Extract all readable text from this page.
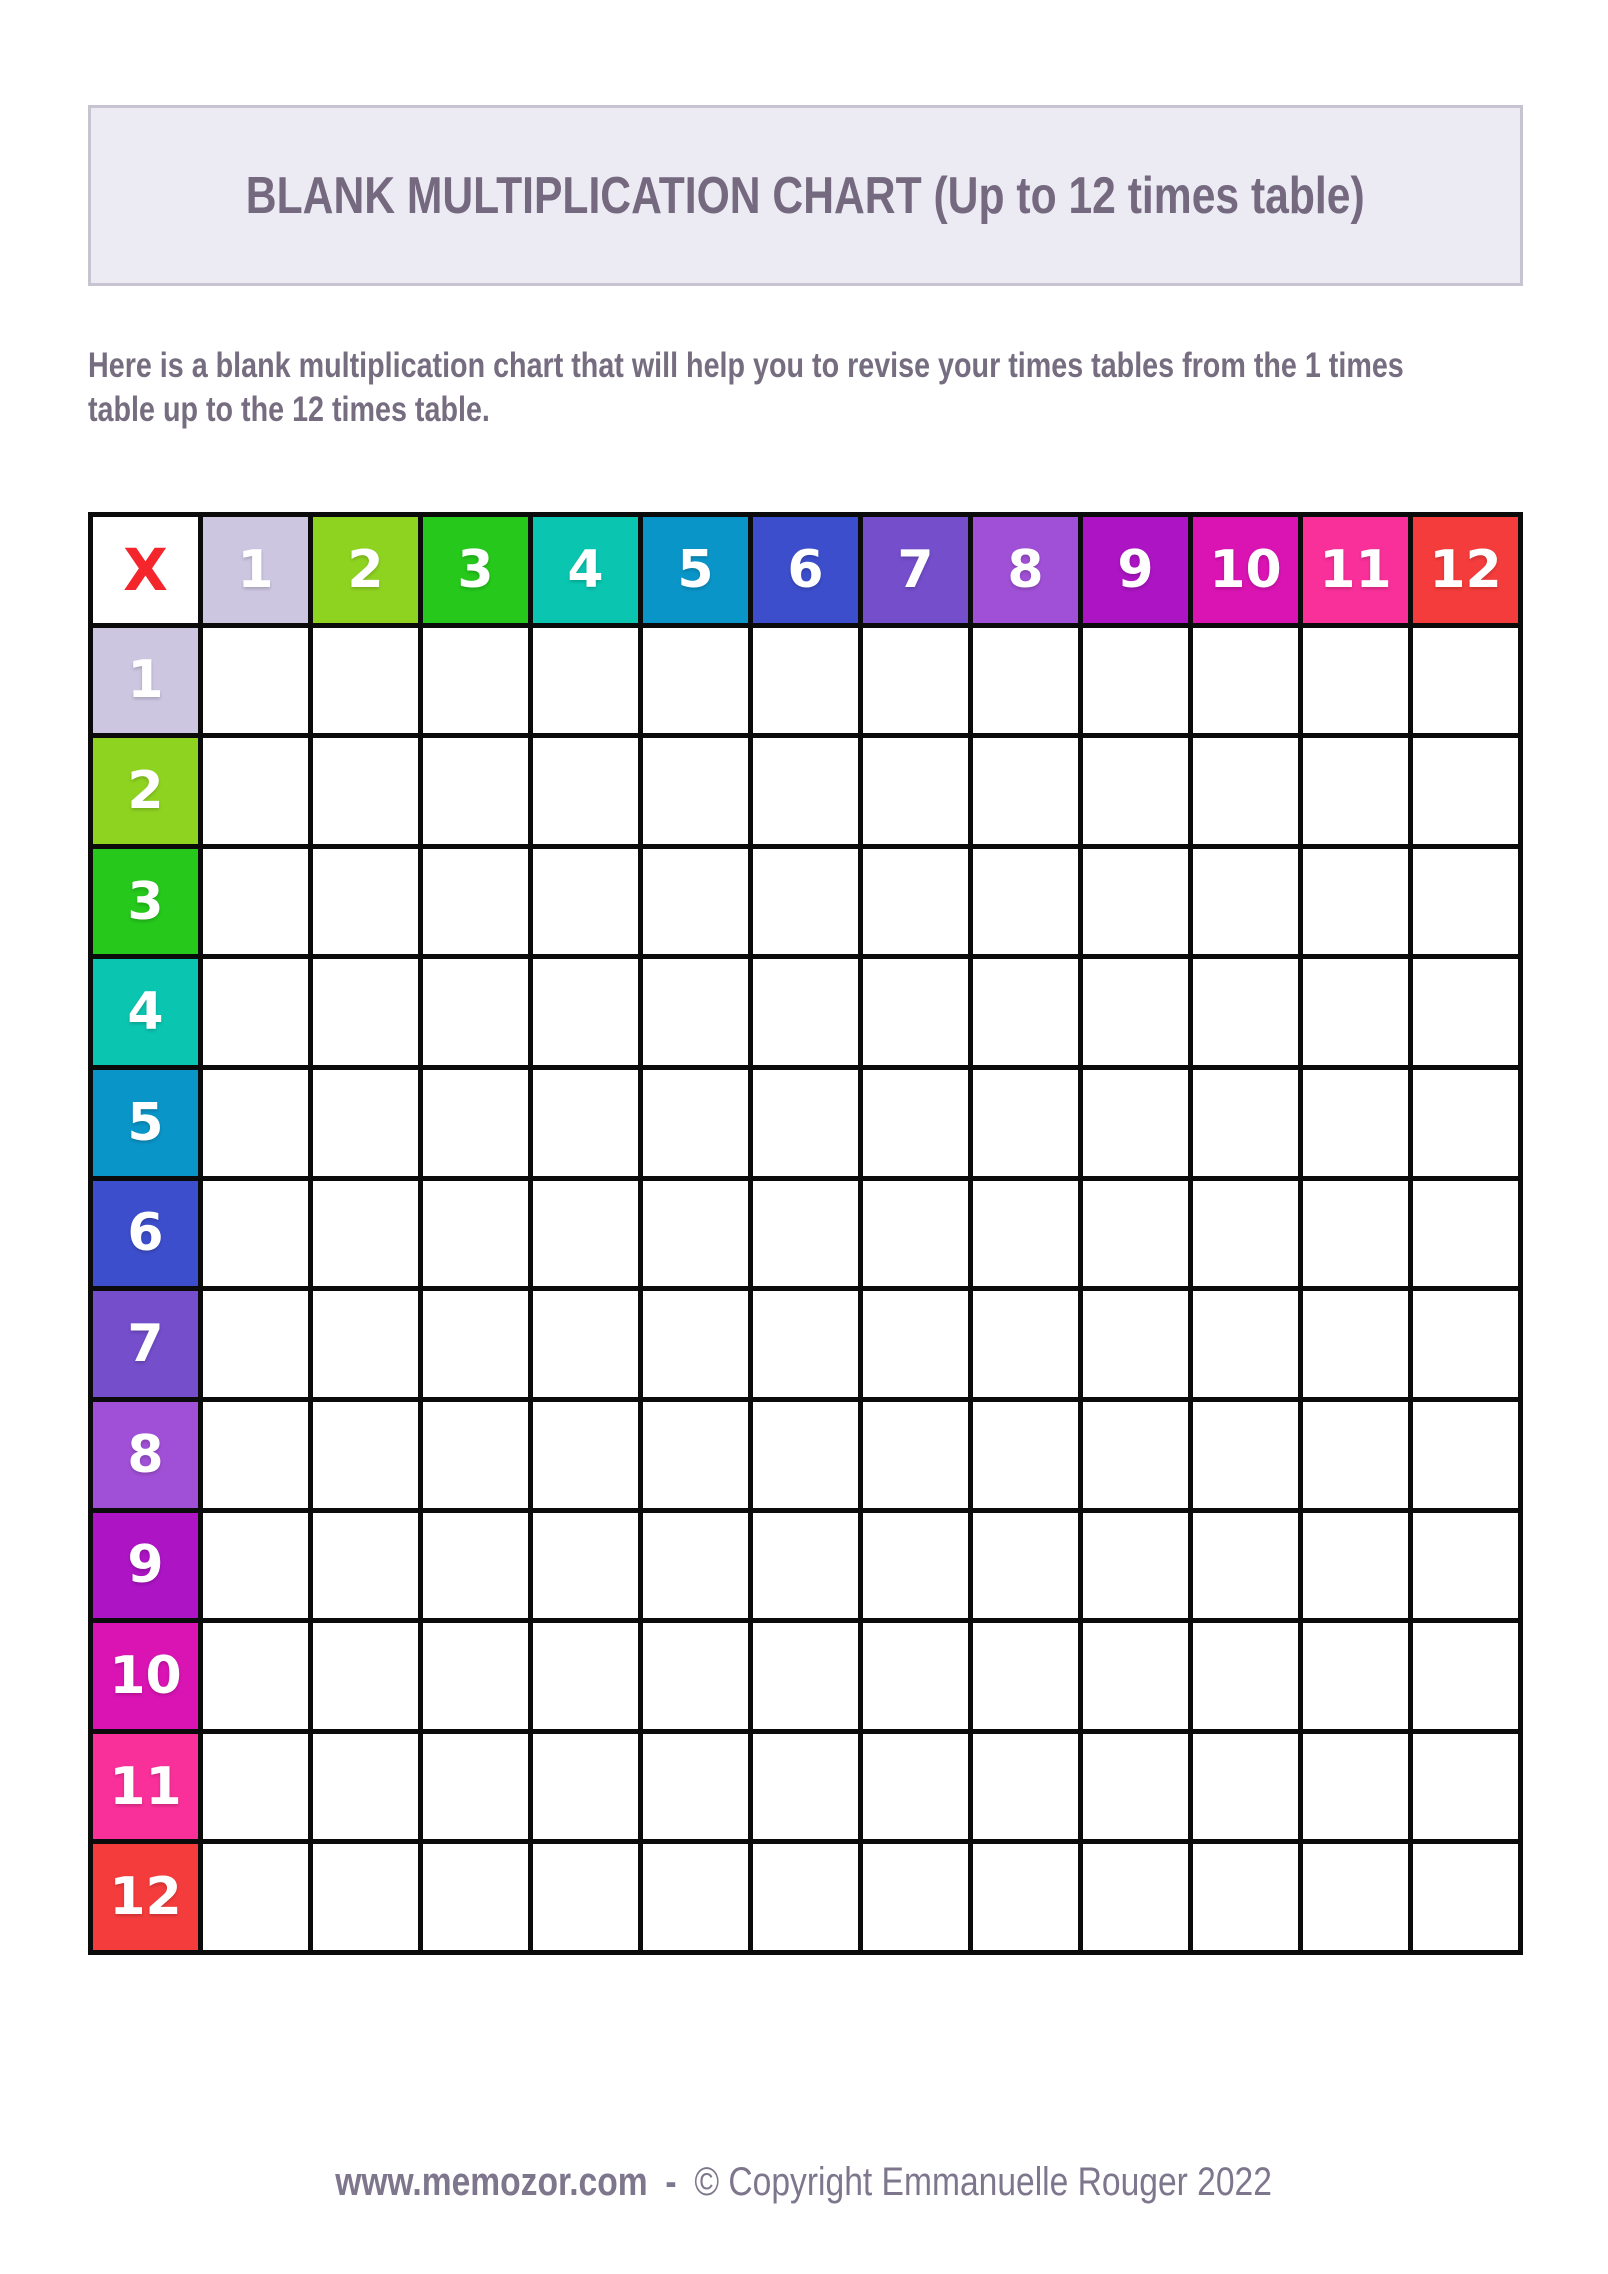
BLANK MULTIPLICATION CHART (Up to 12 times table)
Here is a blank multiplication chart that will help you to revise your times tables from the 1 times
table up to the 12 times table.
X	1	2	3	4	5	6	7	8	9	10 11 12
1
2
3
4
5
6
7
8
9
10
11
12
www.memozor.com - © Copyright Emmanuelle Rouger 2022
